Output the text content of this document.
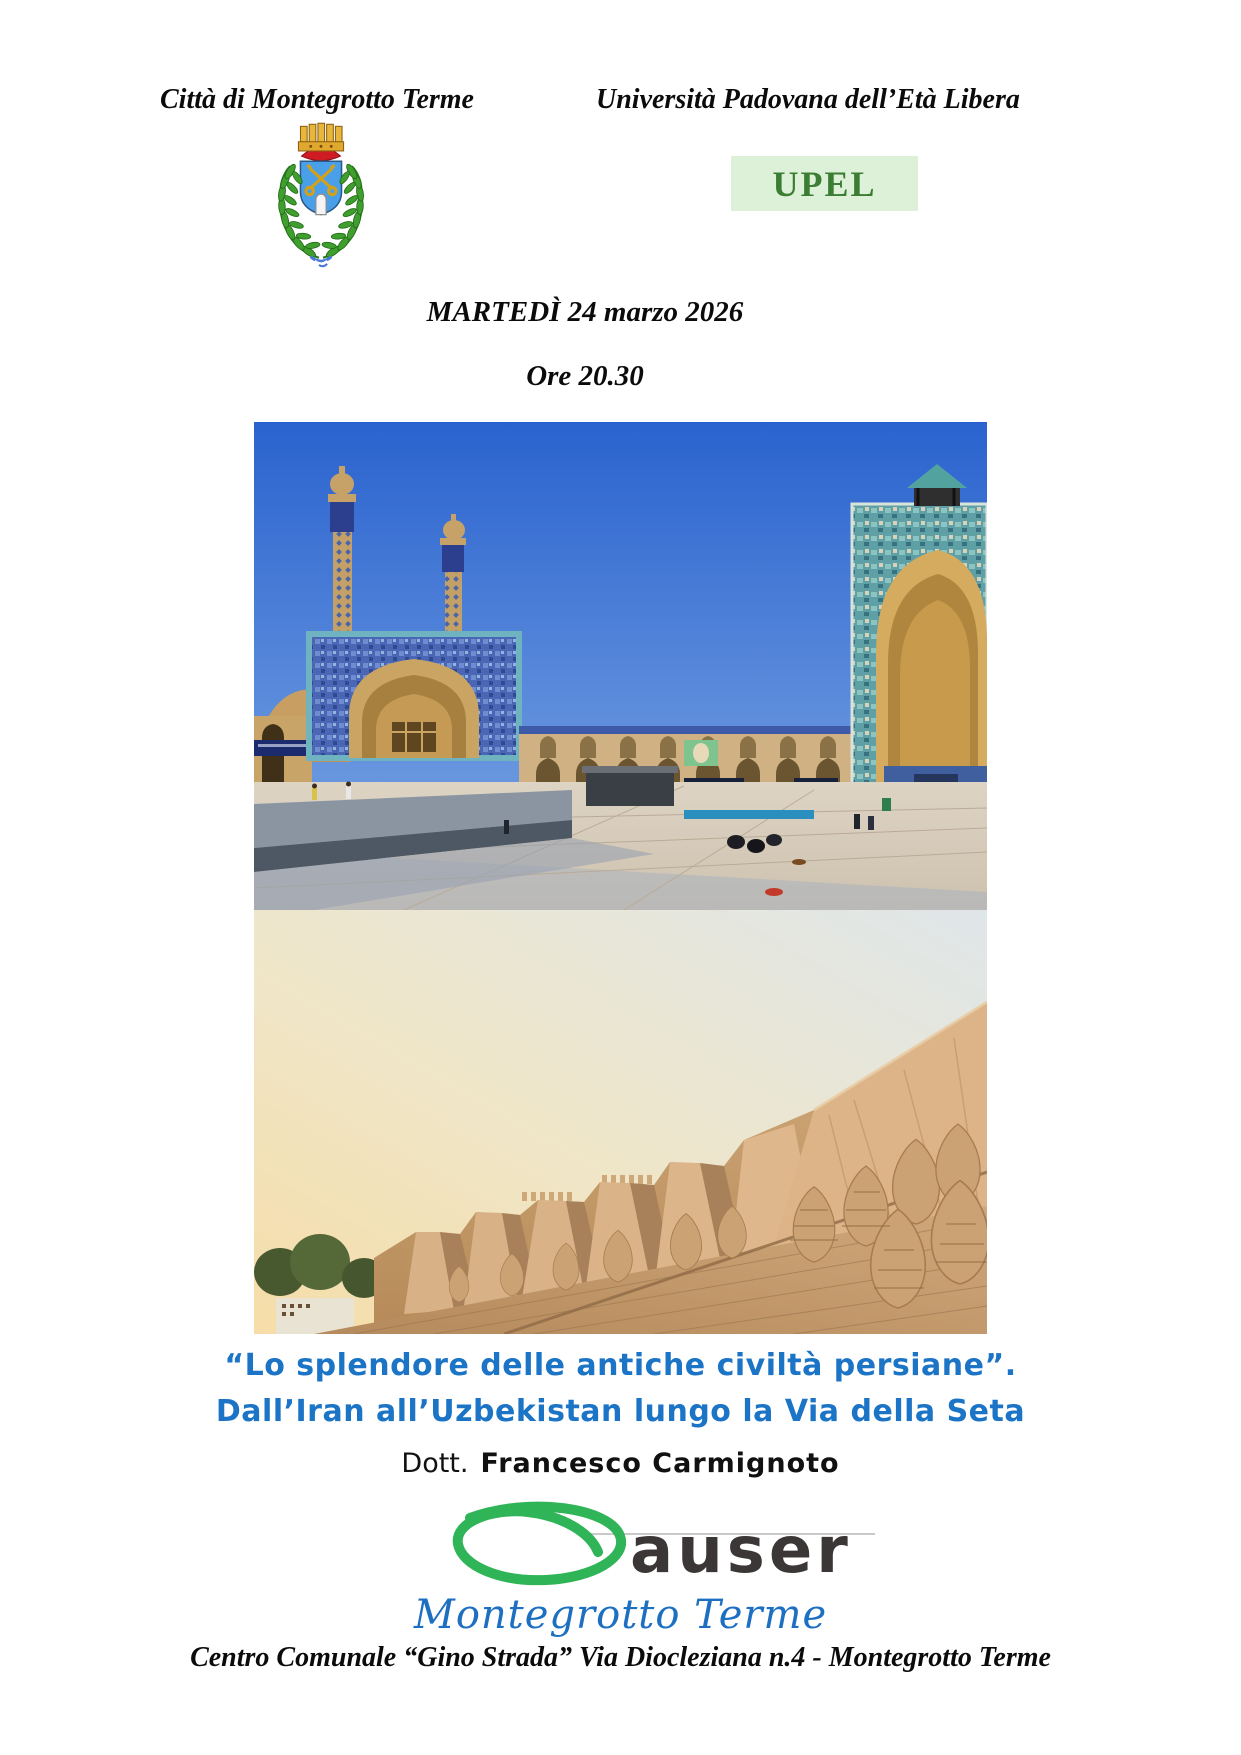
Città di Montegrotto Terme	Università Padovana dell’Età Libera
UPEL
MARTEDÌ 24 marzo 2026
Ore 20.30
“Lo splendore delle antiche civiltà persiane”.
Dall’Iran all’Uzbekistan lungo la Via della Seta
Dott. Francesco Carmignoto
auser
Montegrotto Terme
Centro Comunale “Gino Strada” Via Diocleziana n.4 - Montegrotto Terme
